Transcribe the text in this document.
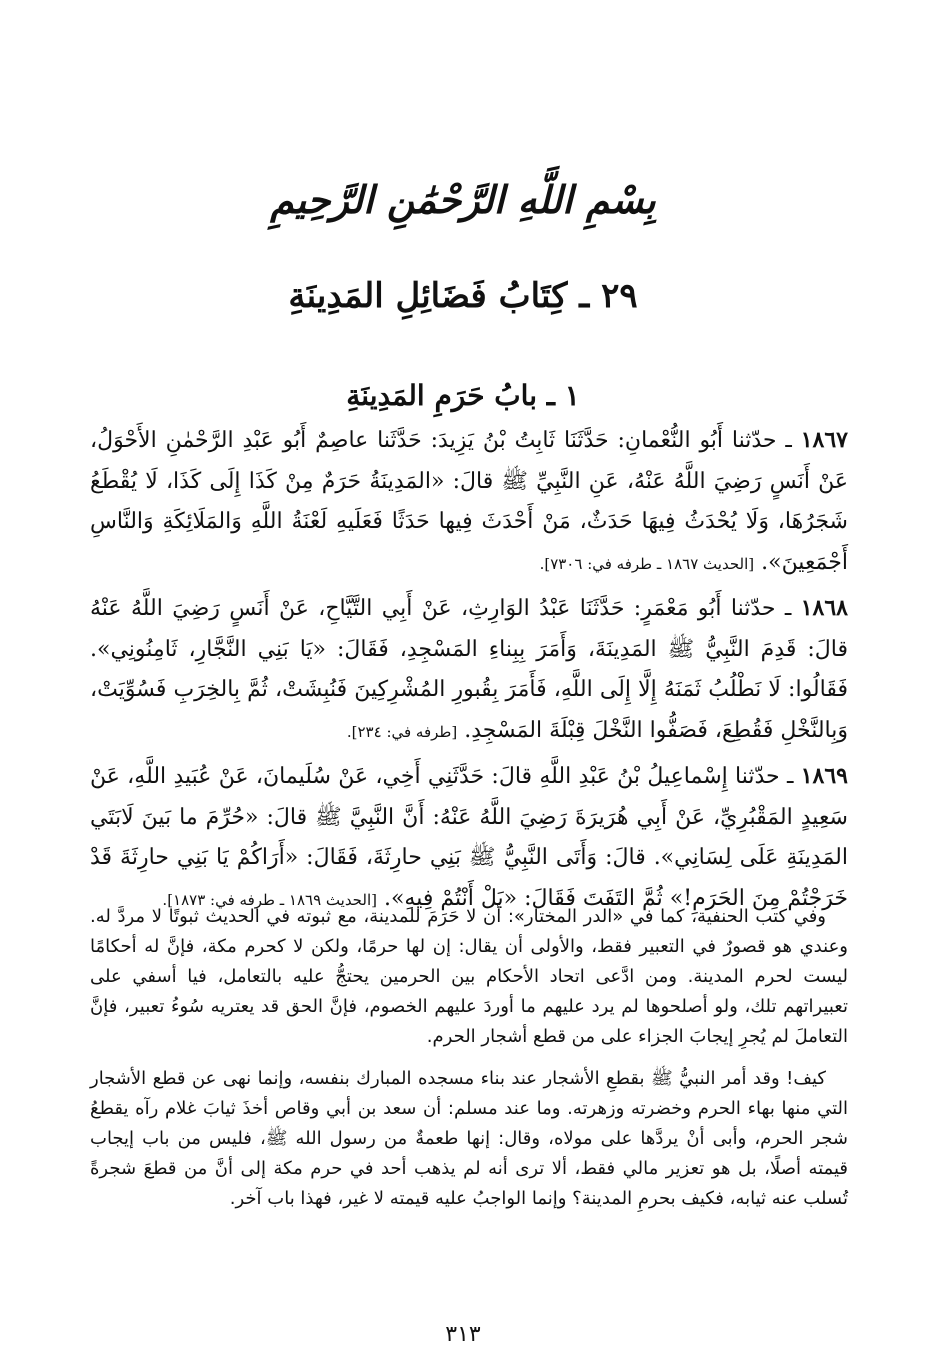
بِسْمِ اللَّهِ الرَّحْمَٰنِ الرَّحِيمِ
٢٩ ـ كِتَابُ فَضَائِلِ المَدِينَةِ
١ ـ بابُ حَرَمِ المَدِينَةِ

١٨٦٧ ـ حدّثنا أَبُو النُّعْمانِ: حَدَّثَنَا ثَابِتُ بْنُ يَزِيدَ: حَدَّثَنا عاصِمٌ أَبُو عَبْدِ الرَّحْمٰنِ الأَحْوَلُ، عَنْ أَنَسٍ رَضِيَ اللَّهُ عَنْهُ، عَنِ النَّبِيِّ ﷺ قالَ: «المَدِينَةُ حَرَمٌ مِنْ كَذَا إِلَى كَذَا، لَا يُقْطَعُ شَجَرُهَا، وَلَا يُحْدَثُ فِيهَا حَدَثٌ، مَنْ أَحْدَثَ فِيها حَدَثًا فَعَلَيهِ لَعْنَةُ اللَّهِ وَالمَلَائِكَةِ وَالنَّاسِ أَجْمَعِينَ». [الحديث ١٨٦٧ ـ طرفه في: ٧٣٠٦].

١٨٦٨ ـ حدّثنا أَبُو مَعْمَرٍ: حَدَّثَنَا عَبْدُ الوَارِثِ، عَنْ أَبِي التَّيَّاحِ، عَنْ أَنَسٍ رَضِيَ اللَّهُ عَنْهُ قالَ: قَدِمَ النَّبِيُّ ﷺ المَدِينَةَ، وَأَمَرَ بِبِناءِ المَسْجِدِ، فَقَالَ: «يَا بَنِي النَّجَّارِ، ثَامِنُونِي». فَقَالُوا: لَا نَطْلُبُ ثَمَنَهُ إِلَّا إِلَى اللَّهِ، فَأَمَرَ بِقُبورِ المُشْرِكِينَ فَنُبِشَتْ، ثُمَّ بِالخِرَبِ فَسُوِّيَتْ، وَبِالنَّخْلِ فَقُطِعَ، فَصَفُّوا النَّخْلَ قِبْلَةَ المَسْجِدِ. [طرفه في: ٢٣٤].

١٨٦٩ ـ حدّثنا إِسْماعِيلُ بْنُ عَبْدِ اللَّهِ قالَ: حَدَّثَنِي أَخِي، عَنْ سُلَيمانَ، عَنْ عُبَيدِ اللَّهِ، عَنْ سَعِيدٍ المَقْبُرِيِّ، عَنْ أَبِي هُرَيرَةَ رَضِيَ اللَّهُ عَنْهُ: أَنَّ النَّبِيَّ ﷺ قالَ: «حُرِّمَ ما بَينَ لَابَتَي المَدِينَةِ عَلَى لِسَانِي». قالَ: وَأَتَى النَّبِيُّ ﷺ بَنِي حارِثَةَ، فَقَالَ: «أَرَاكُمْ يَا بَنِي حارِثَةَ قَدْ خَرَجْتُمْ مِنَ الحَرَمِ!» ثُمَّ التَفَتَ فَقَالَ: «بَلْ أَنْتُمْ فِيهِ». [الحديث ١٨٦٩ ـ طرفه في: ١٨٧٣].

وفي كتب الحنفية، كما في «الدر المختار»: أن لا حَرَمَ للمدينة، مع ثبوته في الحديث ثبوتًا لا مردَّ له. وعندي هو قصورٌ في التعبير فقط، والأولى أن يقال: إن لها حرمًا، ولكن لا كحرم مكة، فإنَّ له أحكامًا ليست لحرم المدينة. ومن ادَّعى اتحاد الأحكام بين الحرمين يحتجُّ عليه بالتعامل، فيا أسفي على تعبيراتهم تلك، ولو أصلحوها لم يرد عليهم ما أوردَ عليهم الخصوم، فإنَّ الحق قد يعتريه سُوءُ تعبير، فإنَّ التعاملَ لم يُجرِ إيجابَ الجزاء على من قطع أشجار الحرم.

كيف! وقد أمر النبيُّ ﷺ بقطعِ الأشجار عند بناء مسجده المبارك بنفسه، وإنما نهى عن قطع الأشجار التي منها بهاء الحرم وخضرته وزهرته. وما عند مسلم: أن سعد بن أبي وقاص أخذَ ثيابَ غلام رآه يقطعُ شجر الحرم، وأبى أنْ يردَّها على مولاه، وقال: إنها طعمةٌ من رسول الله ﷺ، فليس من باب إيجاب قيمته أصلًا، بل هو تعزير مالي فقط، ألا ترى أنه لم يذهب أحد في حرم مكة إلى أنَّ من قطعَ شجرةً تُسلب عنه ثيابه، فكيف بحرمِ المدينة؟ وإنما الواجبُ عليه قيمته لا غير، فهذا باب آخر.

٣١٣
